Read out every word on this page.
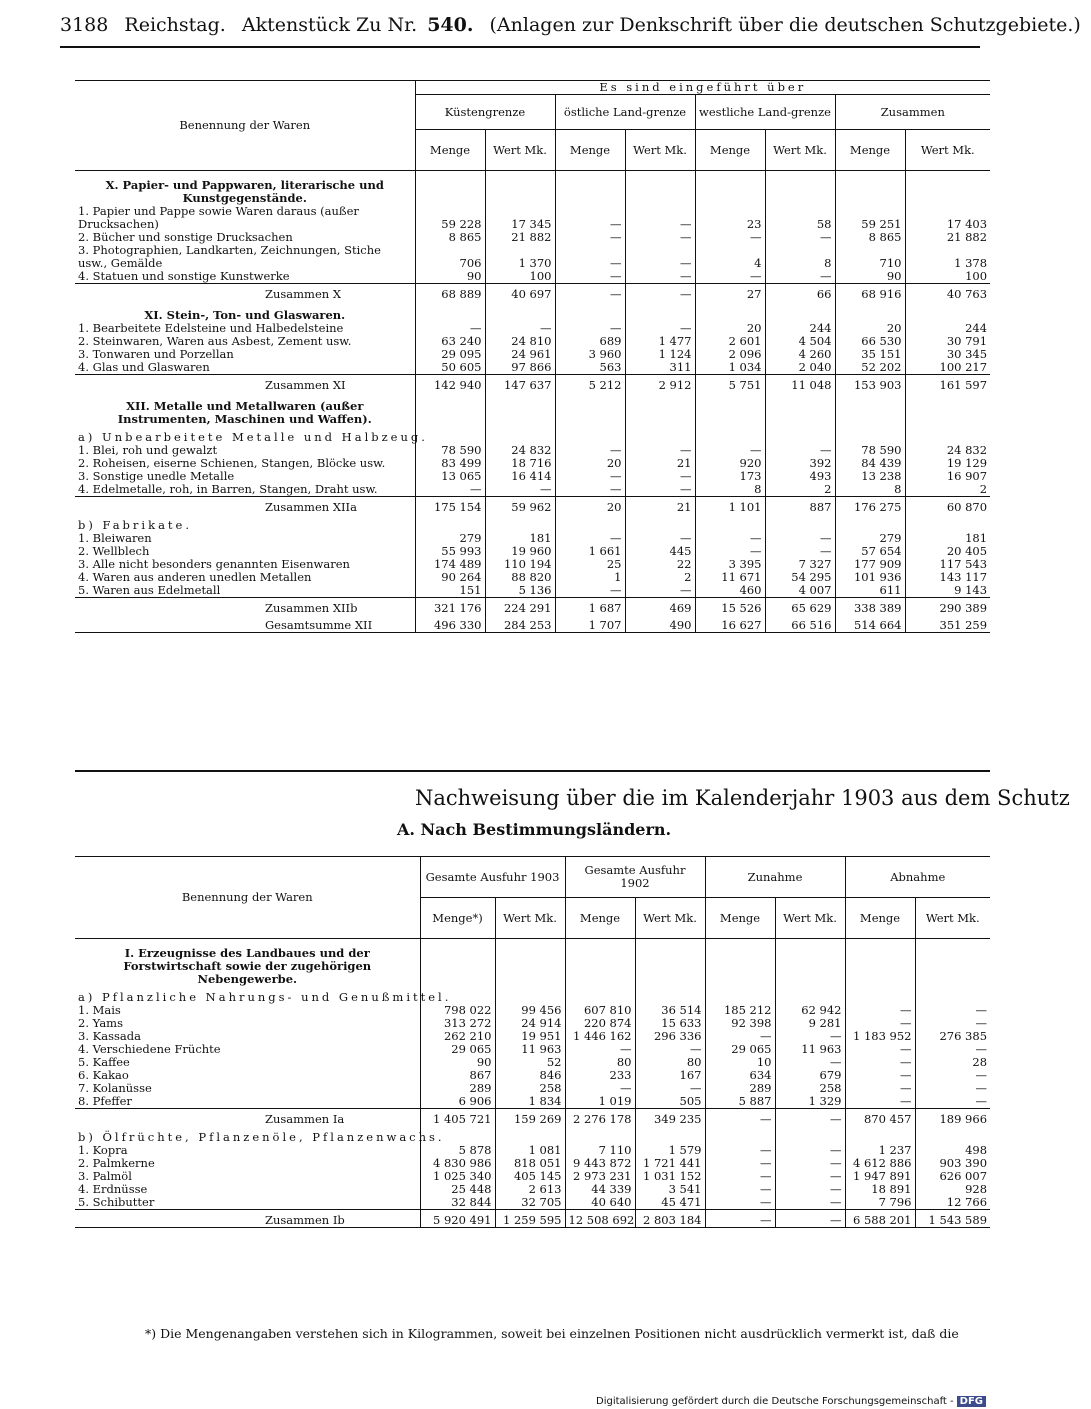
3188 Reichstag. Aktenstück Zu Nr. 540. (Anlagen zur Denkschrift über die deutschen Schutzgebiete.)
Benennung der Waren	Es sind eingeführt über							
	Küstengrenze		östliche Land-grenze		westliche Land-grenze		Zusammen	
	Menge	Wert Mk.	Menge	Wert Mk.	Menge	Wert Mk.	Menge	Wert Mk.

X. Papier- und Pappwaren, literarische und Kunstgegenstände.								
1. Papier und Pappe sowie Waren daraus (außer Drucksachen)	59 228	17 345	—	—	23	58	59 251	17 403
2. Bücher und sonstige Drucksachen	8 865	21 882	—	—	—	—	8 865	21 882
3. Photographien, Landkarten, Zeichnungen, Stiche usw., Gemälde	706	1 370	—	—	4	8	710	1 378
4. Statuen und sonstige Kunstwerke	90	100	—	—	—	—	90	100
Zusammen X	68 889	40 697	—	—	27	66	68 916	40 763

XI. Stein-, Ton- und Glaswaren.								
1. Bearbeitete Edelsteine und Halbedelsteine	—	—	—	—	20	244	20	244
2. Steinwaren, Waren aus Asbest, Zement usw.	63 240	24 810	689	1 477	2 601	4 504	66 530	30 791
3. Tonwaren und Porzellan	29 095	24 961	3 960	1 124	2 096	4 260	35 151	30 345
4. Glas und Glaswaren	50 605	97 866	563	311	1 034	2 040	52 202	100 217
Zusammen XI	142 940	147 637	5 212	2 912	5 751	11 048	153 903	161 597

XII. Metalle und Metallwaren (außer Instrumenten, Maschinen und Waffen).								
a) Unbearbeitete Metalle und Halbzeug.								
1. Blei, roh und gewalzt	78 590	24 832	—	—	—	—	78 590	24 832
2. Roheisen, eiserne Schienen, Stangen, Blöcke usw.	83 499	18 716	20	21	920	392	84 439	19 129
3. Sonstige unedle Metalle	13 065	16 414	—	—	173	493	13 238	16 907
4. Edelmetalle, roh, in Barren, Stangen, Draht usw.	—	—	—	—	8	2	8	2
Zusammen XIIa	175 154	59 962	20	21	1 101	887	176 275	60 870
b) Fabrikate.								
1. Bleiwaren	279	181	—	—	—	—	279	181
2. Wellblech	55 993	19 960	1 661	445	—	—	57 654	20 405
3. Alle nicht besonders genannten Eisenwaren	174 489	110 194	25	22	3 395	7 327	177 909	117 543
4. Waren aus anderen unedlen Metallen	90 264	88 820	1	2	11 671	54 295	101 936	143 117
5. Waren aus Edelmetall	151	5 136	—	—	460	4 007	611	9 143
Zusammen XIIb	321 176	224 291	1 687	469	15 526	65 629	338 389	290 389
Gesamtsumme XII	496 330	284 253	1 707	490	16 627	66 516	514 664	351 259
Nachweisung über die im Kalenderjahr 1903 aus dem Schutz
A. Nach Bestimmungsländern.
Benennung der Waren	Gesamte Ausfuhr 1903		Gesamte Ausfuhr 1902		Zunahme		Abnahme	
	Menge*)	Wert Mk.	Menge	Wert Mk.	Menge	Wert Mk.	Menge	Wert Mk.

I. Erzeugnisse des Landbaues und der Forstwirtschaft sowie der zugehörigen Nebengewerbe.								
a) Pflanzliche Nahrungs- und Genußmittel.								
1. Mais	798 022	99 456	607 810	36 514	185 212	62 942	—	—
2. Yams	313 272	24 914	220 874	15 633	92 398	9 281	—	—
3. Kassada	262 210	19 951	1 446 162	296 336	—	—	1 183 952	276 385
4. Verschiedene Früchte	29 065	11 963	—	—	29 065	11 963	—	—
5. Kaffee	90	52	80	80	10	—	—	28
6. Kakao	867	846	233	167	634	679	—	—
7. Kolanüsse	289	258	—	—	289	258	—	—
8. Pfeffer	6 906	1 834	1 019	505	5 887	1 329	—	—
Zusammen Ia	1 405 721	159 269	2 276 178	349 235	—	—	870 457	189 966
b) Ölfrüchte, Pflanzenöle, Pflanzenwachs.								
1. Kopra	5 878	1 081	7 110	1 579	—	—	1 237	498
2. Palmkerne	4 830 986	818 051	9 443 872	1 721 441	—	—	4 612 886	903 390
3. Palmöl	1 025 340	405 145	2 973 231	1 031 152	—	—	1 947 891	626 007
4. Erdnüsse	25 448	2 613	44 339	3 541	—	—	18 891	928
5. Schibutter	32 844	32 705	40 640	45 471	—	—	7 796	12 766
Zusammen Ib	5 920 491	1 259 595	12 508 692	2 803 184	—	—	6 588 201	1 543 589
*) Die Mengenangaben verstehen sich in Kilogrammen, soweit bei einzelnen Positionen nicht ausdrücklich vermerkt ist, daß die
Digitalisierung gefördert durch die Deutsche Forschungsgemeinschaft - DFG
